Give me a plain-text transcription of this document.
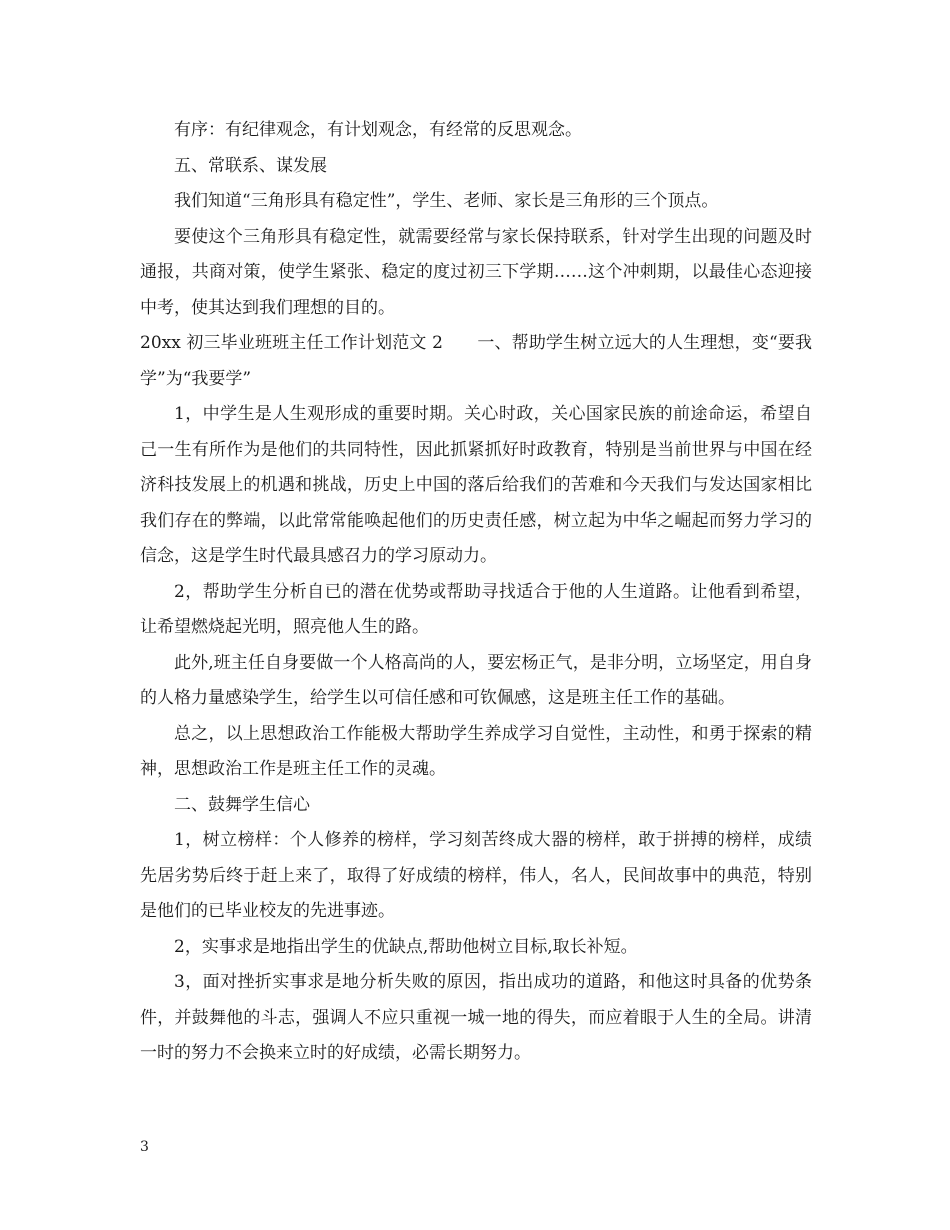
有序：有纪律观念，有计划观念，有经常的反思观念。

五、常联系、谋发展

我们知道“三角形具有稳定性”，学生、老师、家长是三角形的三个顶点。

要使这个三角形具有稳定性，就需要经常与家长保持联系，针对学生出现的问题及时通报，共商对策，使学生紧张、稳定的度过初三下学期……这个冲刺期，以最佳心态迎接中考，使其达到我们理想的目的。

20xx 初三毕业班班主任工作计划范文 2　　一、帮助学生树立远大的人生理想，变“要我学”为“我要学”

1，中学生是人生观形成的重要时期。关心时政，关心国家民族的前途命运，希望自己一生有所作为是他们的共同特性，因此抓紧抓好时政教育，特别是当前世界与中国在经济科技发展上的机遇和挑战，历史上中国的落后给我们的苦难和今天我们与发达国家相比我们存在的弊端，以此常常能唤起他们的历史责任感，树立起为中华之崛起而努力学习的信念，这是学生时代最具感召力的学习原动力。

2，帮助学生分析自已的潜在优势或帮助寻找适合于他的人生道路。让他看到希望，让希望燃烧起光明，照亮他人生的路。

此外,班主任自身要做一个人格高尚的人，要宏杨正气，是非分明，立场坚定，用自身的人格力量感染学生，给学生以可信任感和可钦佩感，这是班主任工作的基础。

总之，以上思想政治工作能极大帮助学生养成学习自觉性，主动性，和勇于探索的精神，思想政治工作是班主任工作的灵魂。

二、鼓舞学生信心

1，树立榜样：个人修养的榜样，学习刻苦终成大器的榜样，敢于拼搏的榜样，成绩先居劣势后终于赶上来了，取得了好成绩的榜样，伟人，名人，民间故事中的典范，特别是他们的已毕业校友的先进事迹。

2，实事求是地指出学生的优缺点,帮助他树立目标,取长补短。

3，面对挫折实事求是地分析失败的原因，指出成功的道路，和他这时具备的优势条件，并鼓舞他的斗志，强调人不应只重视一城一地的得失，而应着眼于人生的全局。讲清一时的努力不会换来立时的好成绩，必需长期努力。

3
